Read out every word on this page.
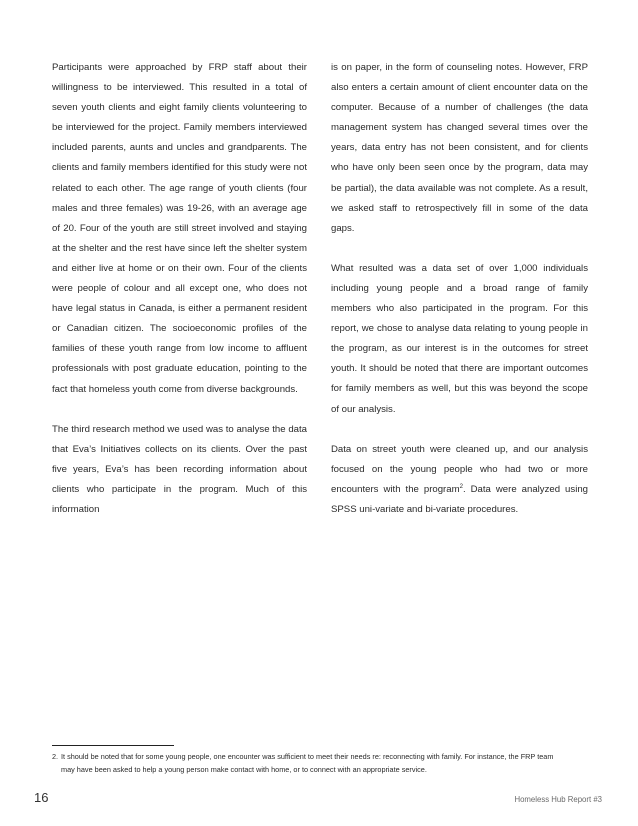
Participants were approached by FRP staff about their willingness to be interviewed. This resulted in a total of seven youth clients and eight family clients volunteering to be interviewed for the project. Family members interviewed included parents, aunts and uncles and grandparents. The clients and family members identified for this study were not related to each other. The age range of youth clients (four males and three females) was 19-26, with an average age of 20. Four of the youth are still street involved and staying at the shelter and the rest have since left the shelter system and either live at home or on their own. Four of the clients were people of colour and all except one, who does not have legal status in Canada, is either a permanent resident or Canadian citizen. The socioeconomic profiles of the families of these youth range from low income to affluent professionals with post graduate education, pointing to the fact that homeless youth come from diverse backgrounds.

The third research method we used was to analyse the data that Eva’s Initiatives collects on its clients. Over the past five years, Eva’s has been recording information about clients who participate in the program. Much of this information

is on paper, in the form of counseling notes. However, FRP also enters a certain amount of client encounter data on the computer. Because of a number of challenges (the data management system has changed several times over the years, data entry has not been consistent, and for clients who have only been seen once by the program, data may be partial), the data available was not complete. As a result, we asked staff to retrospectively fill in some of the data gaps.

What resulted was a data set of over 1,000 individuals including young people and a broad range of family members who also participated in the program. For this report, we chose to analyse data relating to young people in the program, as our interest is in the outcomes for street youth. It should be noted that there are important outcomes for family members as well, but this was beyond the scope of our analysis.

Data on street youth were cleaned up, and our analysis focused on the young people who had two or more encounters with the program$^2$. Data were analyzed using SPSS uni-variate and bi-variate procedures.

2. It should be noted that for some young people, one encounter was sufficient to meet their needs re: reconnecting with family. For instance, the FRP team
may have been asked to help a young person make contact with home, or to connect with an appropriate service.
16	Homeless Hub Report #3
